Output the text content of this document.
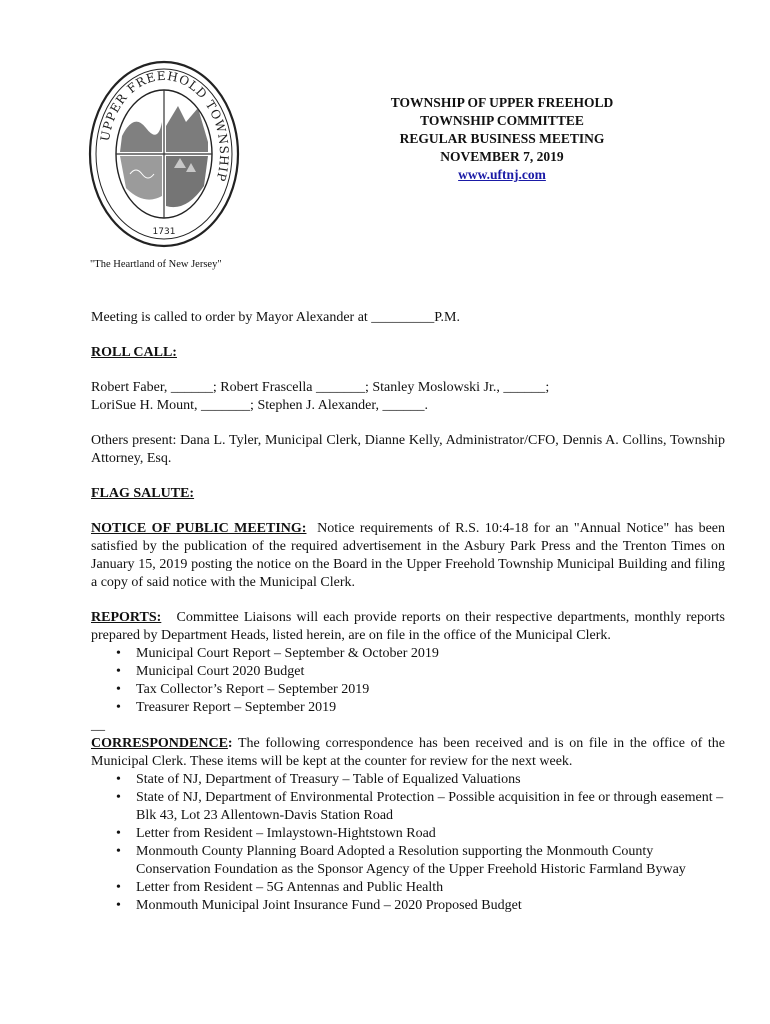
UPPER FREEHOLD TOWNSHIP
1731
TOWNSHIP OF UPPER FREEHOLD
TOWNSHIP COMMITTEE
REGULAR BUSINESS MEETING
NOVEMBER 7, 2019
www.uftnj.com
"The Heartland of New Jersey"

Meeting is called to order by Mayor Alexander at _________P.M.

ROLL CALL:

Robert Faber, ______; Robert Frascella _______; Stanley Moslowski Jr., ______;

LoriSue H. Mount, _______; Stephen J. Alexander, ______.

Others present: Dana L. Tyler, Municipal Clerk, Dianne Kelly, Administrator/CFO, Dennis A. Collins, Township Attorney, Esq.

FLAG SALUTE:

NOTICE OF PUBLIC MEETING: Notice requirements of R.S. 10:4-18 for an "Annual Notice" has been satisfied by the publication of the required advertisement in the Asbury Park Press and the Trenton Times on January 15, 2019 posting the notice on the Board in the Upper Freehold Township Municipal Building and filing a copy of said notice with the Municipal Clerk.

REPORTS: Committee Liaisons will each provide reports on their respective departments, monthly reports prepared by Department Heads, listed herein, are on file in the office of the Municipal Clerk.

• Municipal Court Report – September & October 2019
• Municipal Court 2020 Budget
• Tax Collector’s Report – September 2019
• Treasurer Report – September 2019

__

CORRESPONDENCE: The following correspondence has been received and is on file in the office of the Municipal Clerk. These items will be kept at the counter for review for the next week.

• State of NJ, Department of Treasury – Table of Equalized Valuations
• State of NJ, Department of Environmental Protection – Possible acquisition in fee or through easement – Blk 43, Lot 23 Allentown-Davis Station Road
• Letter from Resident – Imlaystown-Hightstown Road
• Monmouth County Planning Board Adopted a Resolution supporting the Monmouth County Conservation Foundation as the Sponsor Agency of the Upper Freehold Historic Farmland Byway
• Letter from Resident – 5G Antennas and Public Health
• Monmouth Municipal Joint Insurance Fund – 2020 Proposed Budget
